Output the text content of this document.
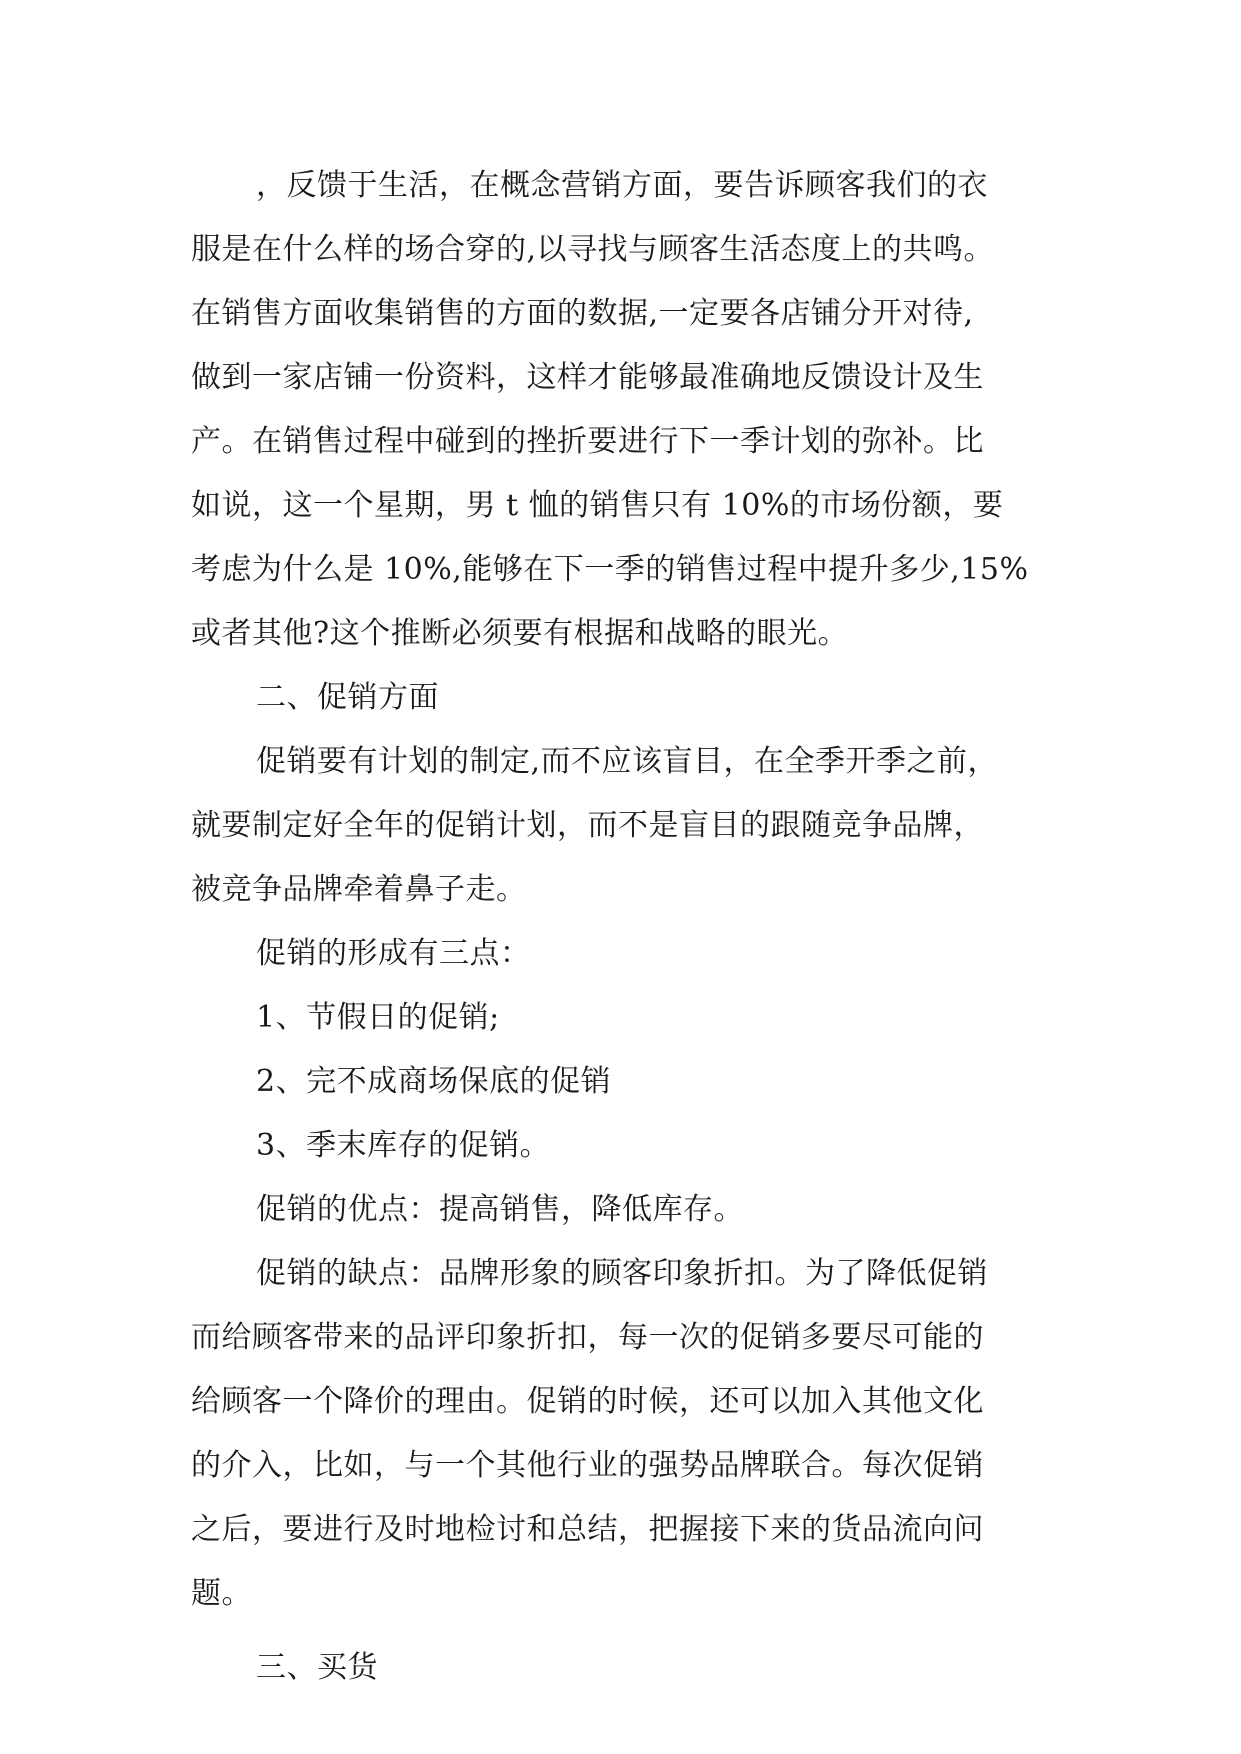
，反馈于生活，在概念营销方面，要告诉顾客我们的衣
服是在什么样的场合穿的,以寻找与顾客生活态度上的共鸣。
在销售方面收集销售的方面的数据,一定要各店铺分开对待,
做到一家店铺一份资料，这样才能够最准确地反馈设计及生
产。在销售过程中碰到的挫折要进行下一季计划的弥补。比
如说，这一个星期，男 t 恤的销售只有 10%的市场份额，要
考虑为什么是 10%,能够在下一季的销售过程中提升多少,15%
或者其他?这个推断必须要有根据和战略的眼光。
二、促销方面
促销要有计划的制定,而不应该盲目，在全季开季之前，
就要制定好全年的促销计划，而不是盲目的跟随竞争品牌，
被竞争品牌牵着鼻子走。
促销的形成有三点：
1、节假日的促销;
2、完不成商场保底的促销
3、季末库存的促销。
促销的优点：提高销售，降低库存。
促销的缺点：品牌形象的顾客印象折扣。为了降低促销
而给顾客带来的品评印象折扣，每一次的促销多要尽可能的
给顾客一个降价的理由。促销的时候，还可以加入其他文化
的介入，比如，与一个其他行业的强势品牌联合。每次促销
之后，要进行及时地检讨和总结，把握接下来的货品流向问
题。
三、买货
